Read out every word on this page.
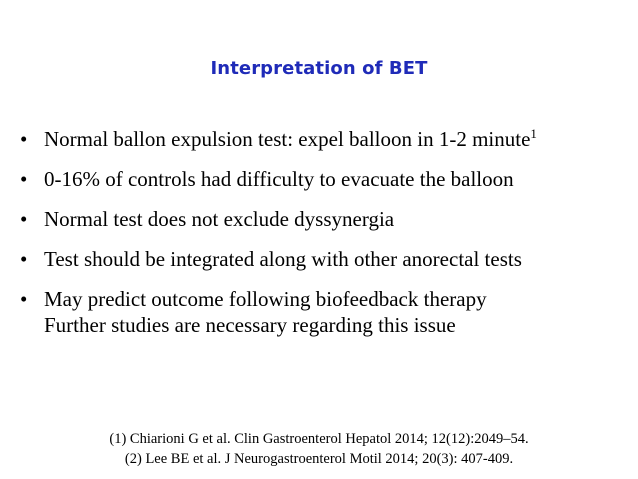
Interpretation of BET
• Normal ballon expulsion test: expel balloon in 1-2 minute$^1$
• 0-16% of controls had difficulty to evacuate the balloon
• Normal test does not exclude dyssynergia
• Test should be integrated along with other anorectal tests
• May predict outcome following biofeedback therapy
Further studies are necessary regarding this issue
(1) Chiarioni G et al. Clin Gastroenterol Hepatol 2014; 12(12):2049–54.
(2) Lee BE et al. J Neurogastroenterol Motil 2014; 20(3): 407-409.
